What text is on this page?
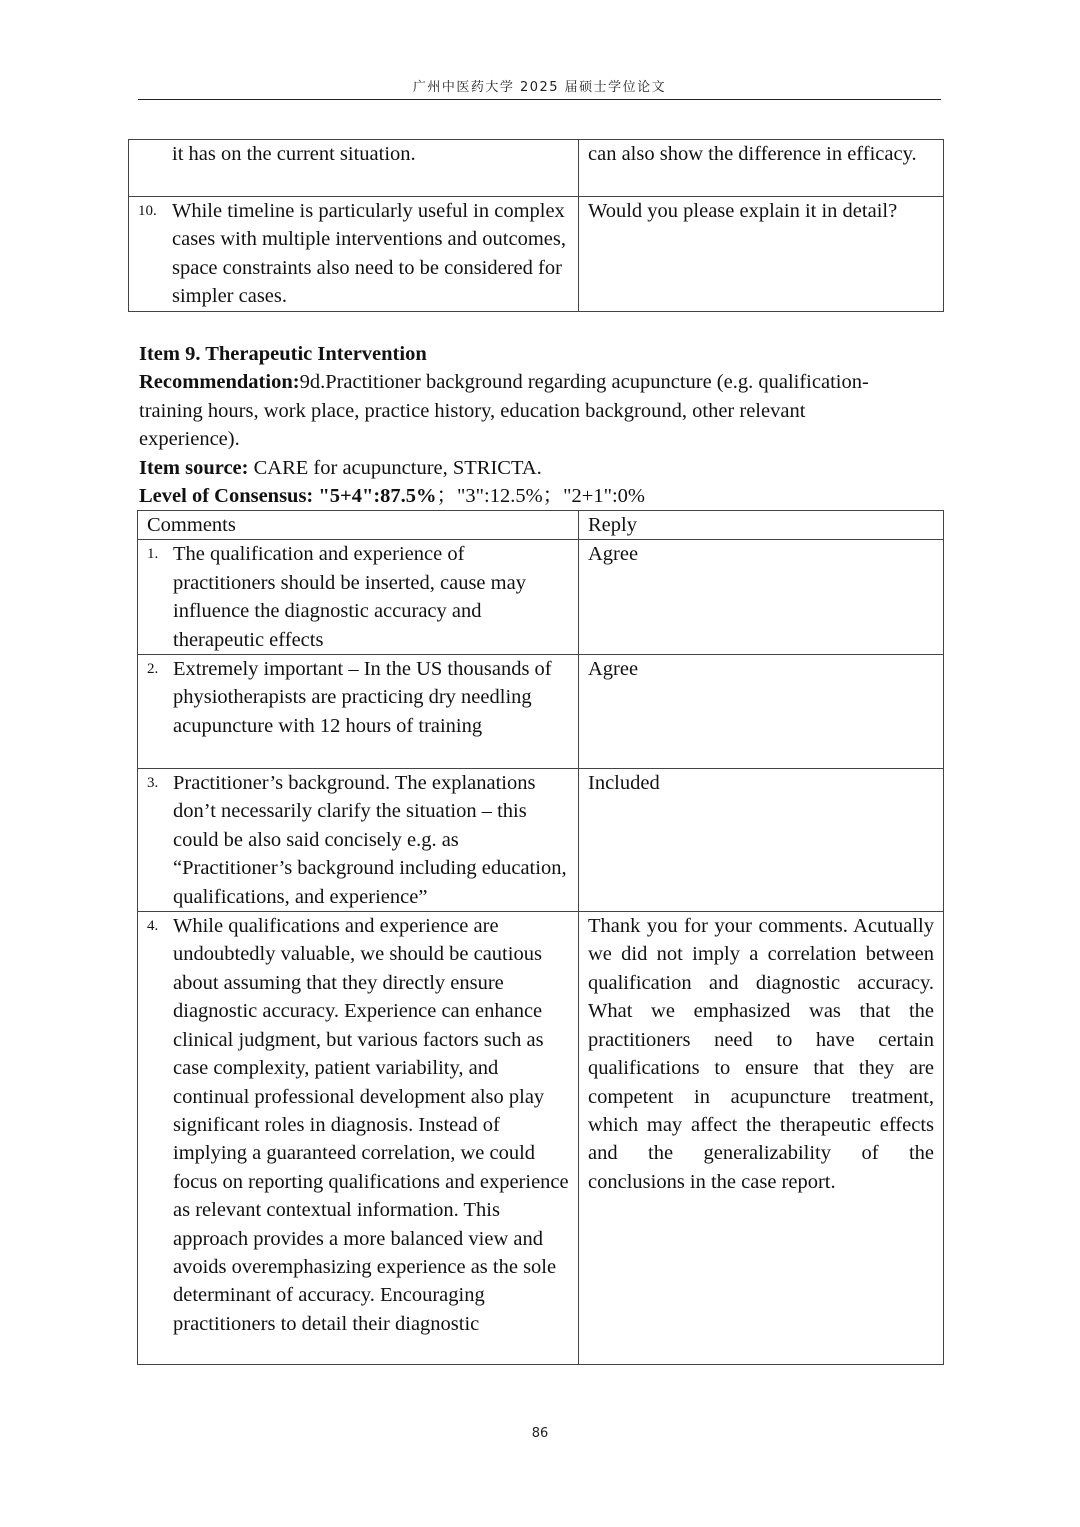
广州中医药大学 2025 届硕士学位论文
it has on the current situation.	can also show the difference in efficacy.

10. While timeline is particularly useful in complex cases with multiple interventions and outcomes, space constraints also need to be considered for simpler cases.	Would you please explain it in detail?
Item 9. Therapeutic Intervention
Recommendation:9d.Practitioner background regarding acupuncture (e.g. qualification-training hours, work place, practice history, education background, other relevant experience).
Item source: CARE for acupuncture, STRICTA.
Level of Consensus: "5+4":87.5%；"3":12.5%；"2+1":0%
Comments	Reply

1. The qualification and experience of practitioners should be inserted, cause may influence the diagnostic accuracy and therapeutic effects	Agree

2. Extremely important – In the US thousands of physiotherapists are practicing dry needling acupuncture with 12 hours of training	Agree

3. Practitioner’s background. The explanations don’t necessarily clarify the situation – this could be also said concisely e.g. as “Practitioner’s background including education, qualifications, and experience”	Included

4. While qualifications and experience are undoubtedly valuable, we should be cautious about assuming that they directly ensure diagnostic accuracy. Experience can enhance clinical judgment, but various factors such as case complexity, patient variability, and continual professional development also play significant roles in diagnosis. Instead of implying a guaranteed correlation, we could focus on reporting qualifications and experience as relevant contextual information. This approach provides a more balanced view and avoids overemphasizing experience as the sole determinant of accuracy. Encouraging practitioners to detail their diagnostic
	Thank you for your comments. Acutually we did not imply a correlation between qualification and diagnostic accuracy. What we emphasized was that the practitioners need to have certain qualifications to ensure that they are competent in acupuncture treatment, which may affect the therapeutic effects and the generalizability of the conclusions in the case report.
86
